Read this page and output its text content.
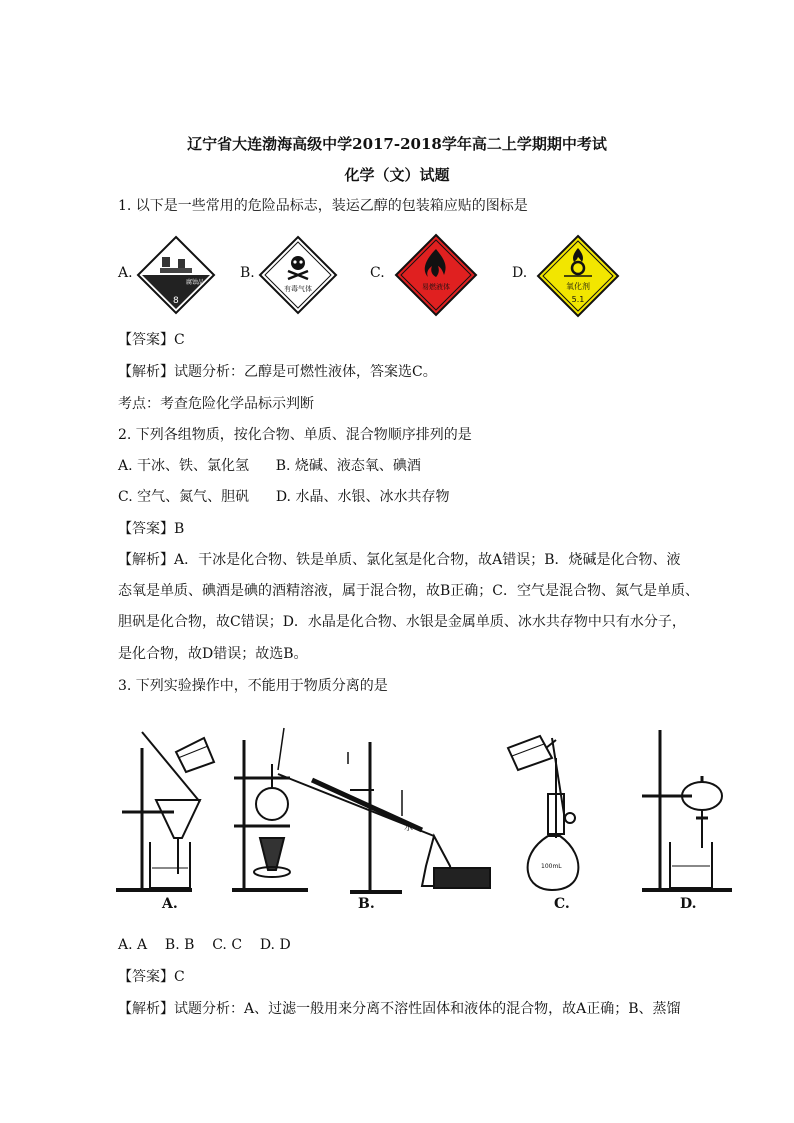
辽宁省大连渤海高级中学2017-2018学年高二上学期期中考试
化学（文）试题
1. 以下是一些常用的危险品标志，装运乙醇的包装箱应贴的图标是
A.
腐蚀品
8
B.
有毒气体
C.
易燃液体
D.
氧化剂
5.1
【答案】C
【解析】试题分析：乙醇是可燃性液体，答案选C。
考点：考查危险化学品标示判断
2. 下列各组物质，按化合物、单质、混合物顺序排列的是
A. 干冰、铁、氯化氢      B. 烧碱、液态氧、碘酒
C. 空气、氮气、胆矾      D. 水晶、水银、冰水共存物
【答案】B
【解析】A．干冰是化合物、铁是单质、氯化氢是化合物，故A错误；B．烧碱是化合物、液
态氧是单质、碘酒是碘的酒精溶液，属于混合物，故B正确；C．空气是混合物、氮气是单质、
胆矾是化合物，故C错误；D．水晶是化合物、水银是金属单质、冰水共存物中只有水分子，
是化合物，故D错误；故选B。
3. 下列实验操作中，不能用于物质分离的是
水
100mL
A.	B.	C.	D.
A. A    B. B    C. C    D. D
【答案】C
【解析】试题分析：A、过滤一般用来分离不溶性固体和液体的混合物，故A正确；B、蒸馏
